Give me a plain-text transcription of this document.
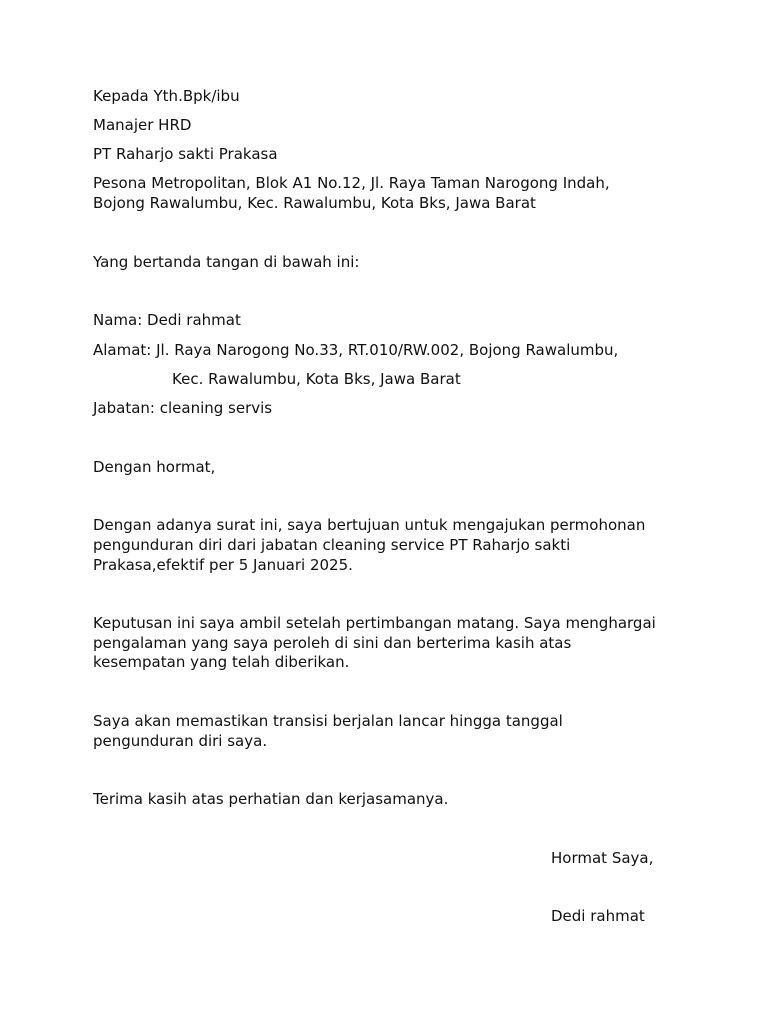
Kepada Yth.Bpk/ibu
Manajer HRD
PT Raharjo sakti Prakasa
Pesona Metropolitan, Blok A1 No.12, Jl. Raya Taman Narogong Indah,
Bojong Rawalumbu, Kec. Rawalumbu, Kota Bks, Jawa Barat
Yang bertanda tangan di bawah ini:
Nama: Dedi rahmat
Alamat: Jl. Raya Narogong No.33, RT.010/RW.002, Bojong Rawalumbu,
Kec. Rawalumbu, Kota Bks, Jawa Barat
Jabatan: cleaning servis
Dengan hormat,
Dengan adanya surat ini, saya bertujuan untuk mengajukan permohonan
pengunduran diri dari jabatan cleaning service PT Raharjo sakti
Prakasa,efektif per 5 Januari 2025.
Keputusan ini saya ambil setelah pertimbangan matang. Saya menghargai
pengalaman yang saya peroleh di sini dan berterima kasih atas
kesempatan yang telah diberikan.
Saya akan memastikan transisi berjalan lancar hingga tanggal
pengunduran diri saya.
Terima kasih atas perhatian dan kerjasamanya.
Hormat Saya,
Dedi rahmat
